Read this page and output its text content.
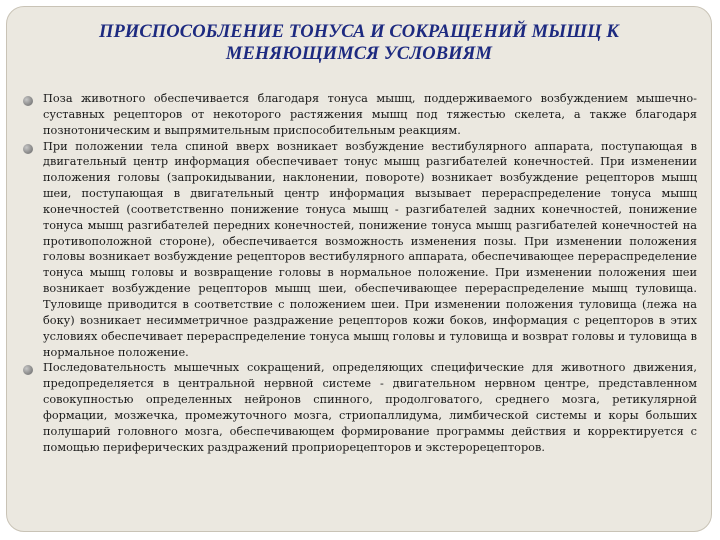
ПРИСПОСОБЛЕНИЕ ТОНУСА И СОКРАЩЕНИЙ МЫШЦ К МЕНЯЮЩИМСЯ УСЛОВИЯМ
Поза животного обеспечивается благодаря тонуса мышц, поддерживаемого возбуждением мышечно-суставных рецепторов от некоторого растяжения мышц под тяжестью скелета, а также благодаря познотоническим и выпрямительным приспособительным реакциям.
При положении тела спиной вверх возникает возбуждение вестибулярного аппарата, поступающая в двигательный центр информация обеспечивает тонус мышц разгибателей конечностей. При изменении положения головы (запрокидывании, наклонении, повороте) возникает возбуждение рецепторов мышц шеи, поступающая в двигательный центр информация вызывает перераспределение тонуса мышц конечностей (соответственно понижение тонуса мышц - разгибателей задних конечностей, понижение тонуса мышц разгибателей передних конечностей, понижение тонуса мышц разгибателей конечностей на противоположной стороне), обеспечивается возможность изменения позы. При изменении положения головы возникает возбуждение рецепторов вестибулярного аппарата, обеспечивающее перераспределение тонуса мышц головы и возвращение головы в нормальное положение. При изменении положения шеи возникает возбуждение рецепторов мышц шеи, обеспечивающее перераспределение мышц туловища. Туловище приводится в соответствие с положением шеи. При изменении положения туловища (лежа на боку) возникает несимметричное раздражение рецепторов кожи боков, информация с рецепторов в этих условиях обеспечивает перераспределение тонуса мышц головы и туловища и возврат головы и туловища в нормальное положение.
Последовательность мышечных сокращений, определяющих специфические для животного движения, предопределяется в центральной нервной системе - двигательном нервном центре, представленном совокупностью определенных нейронов спинного, продолговатого, среднего мозга, ретикулярной формации, мозжечка, промежуточного мозга, стриопаллидума, лимбической системы и коры больших полушарий головного мозга, обеспечивающем формирование программы действия и корректируется с помощью периферических раздражений проприорецепторов и экстерорецепторов.
